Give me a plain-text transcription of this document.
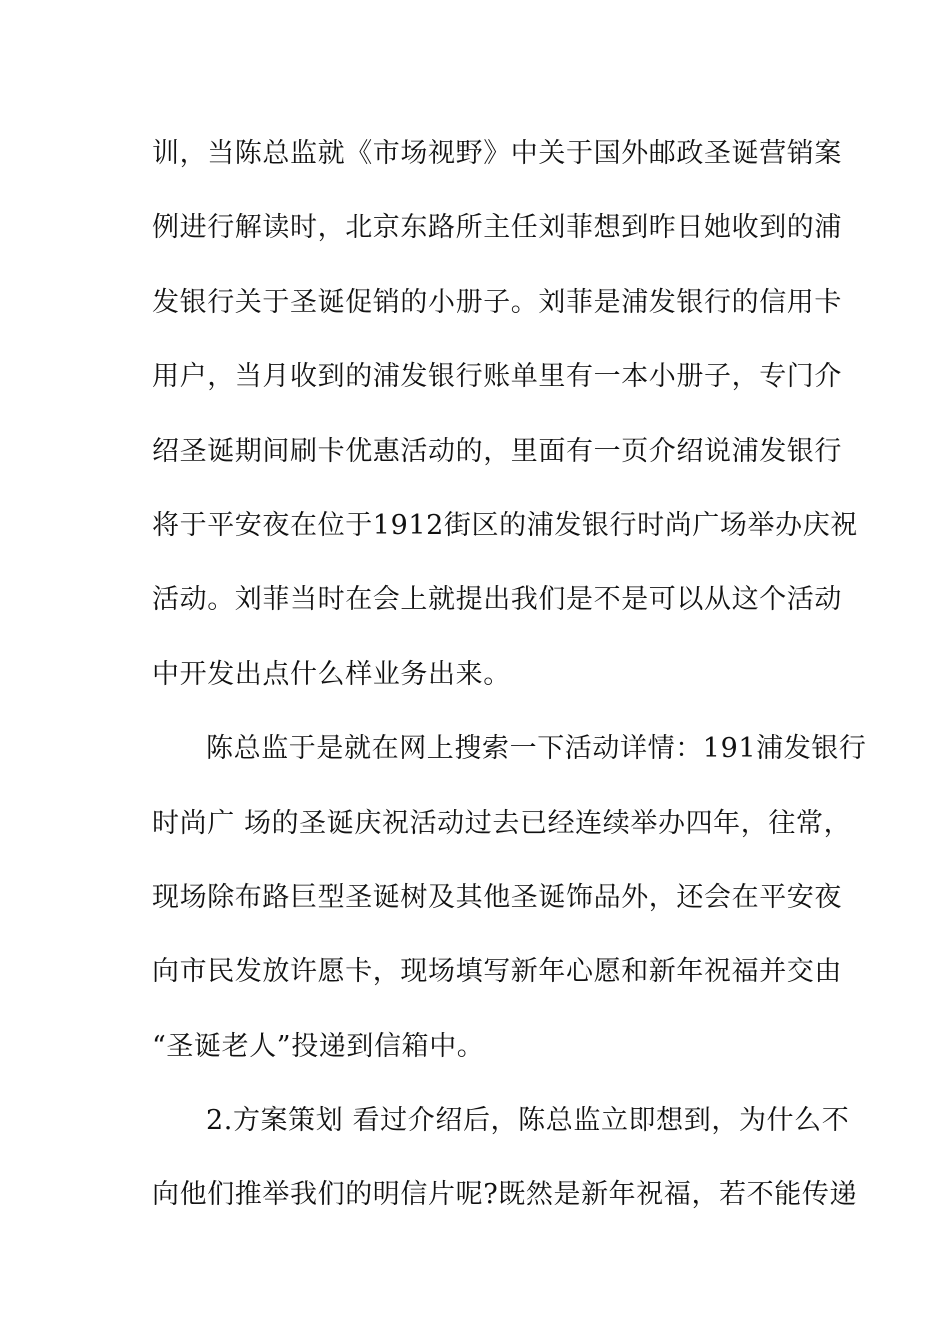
训，当陈总监就《市场视野》中关于国外邮政圣诞营销案
例进行解读时，北京东路所主任刘菲想到昨日她收到的浦
发银行关于圣诞促销的小册子。刘菲是浦发银行的信用卡
用户，当月收到的浦发银行账单里有一本小册子，专门介
绍圣诞期间刷卡优惠活动的，里面有一页介绍说浦发银行
将于平安夜在位于1912街区的浦发银行时尚广场举办庆祝
活动。刘菲当时在会上就提出我们是不是可以从这个活动
中开发出点什么样业务出来。
陈总监于是就在网上搜索一下活动详情：191浦发银行
时尚广 场的圣诞庆祝活动过去已经连续举办四年，往常，
现场除布路巨型圣诞树及其他圣诞饰品外，还会在平安夜
向市民发放许愿卡，现场填写新年心愿和新年祝福并交由
“圣诞老人”投递到信箱中。
2.方案策划 看过介绍后，陈总监立即想到，为什么不
向他们推举我们的明信片呢?既然是新年祝福，若不能传递
